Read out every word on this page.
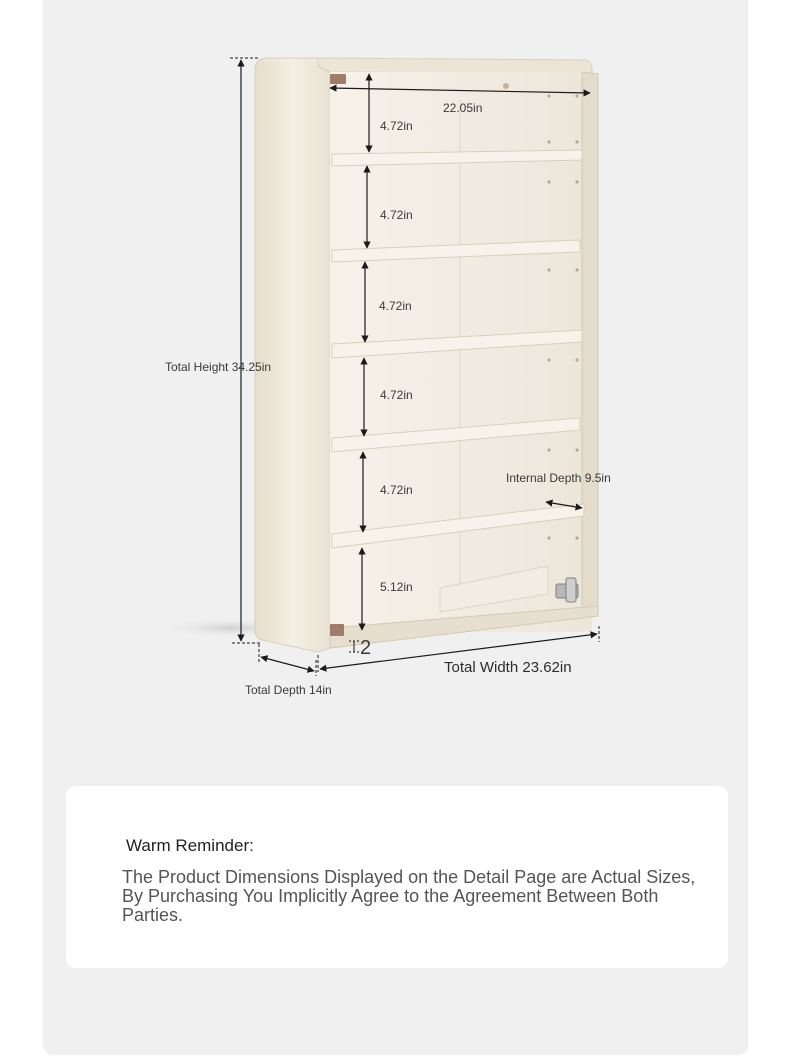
Total Height 34.25in
22.05in
4.72in
4.72in
4.72in
4.72in
4.72in
5.12in
Internal Depth 9.5in
2
Total Width 23.62in
Total Depth 14in
Warm Reminder:
The Product Dimensions Displayed on the Detail Page are Actual Sizes, By Purchasing You Implicitly Agree to the Agreement Between Both Parties.
